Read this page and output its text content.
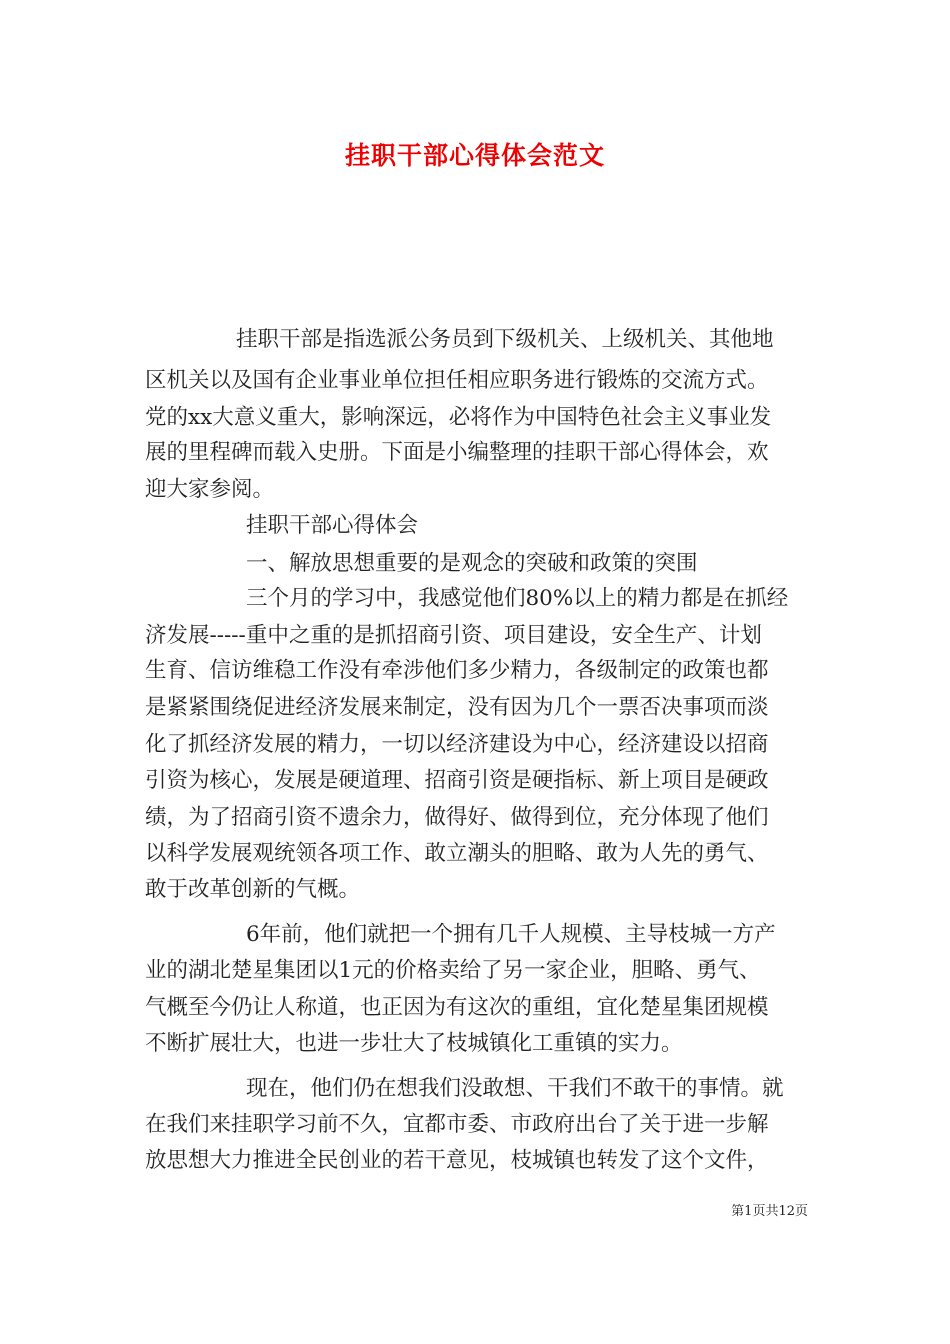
挂职干部心得体会范文
挂职干部是指选派公务员到下级机关、上级机关、其他地
区机关以及国有企业事业单位担任相应职务进行锻炼的交流方式。
党的xx大意义重大，影响深远，必将作为中国特色社会主义事业发
展的里程碑而载入史册。下面是小编整理的挂职干部心得体会，欢
迎大家参阅。
挂职干部心得体会
一、解放思想重要的是观念的突破和政策的突围
三个月的学习中，我感觉他们80%以上的精力都是在抓经
济发展-----重中之重的是抓招商引资、项目建设，安全生产、计划
生育、信访维稳工作没有牵涉他们多少精力，各级制定的政策也都
是紧紧围绕促进经济发展来制定，没有因为几个一票否决事项而淡
化了抓经济发展的精力，一切以经济建设为中心，经济建设以招商
引资为核心，发展是硬道理、招商引资是硬指标、新上项目是硬政
绩，为了招商引资不遗余力，做得好、做得到位，充分体现了他们
以科学发展观统领各项工作、敢立潮头的胆略、敢为人先的勇气、
敢于改革创新的气概。
6年前，他们就把一个拥有几千人规模、主导枝城一方产
业的湖北楚星集团以1元的价格卖给了另一家企业，胆略、勇气、
气概至今仍让人称道，也正因为有这次的重组，宜化楚星集团规模
不断扩展壮大，也进一步壮大了枝城镇化工重镇的实力。
现在，他们仍在想我们没敢想、干我们不敢干的事情。就
在我们来挂职学习前不久，宜都市委、市政府出台了关于进一步解
放思想大力推进全民创业的若干意见，枝城镇也转发了这个文件，
第1页共12页
